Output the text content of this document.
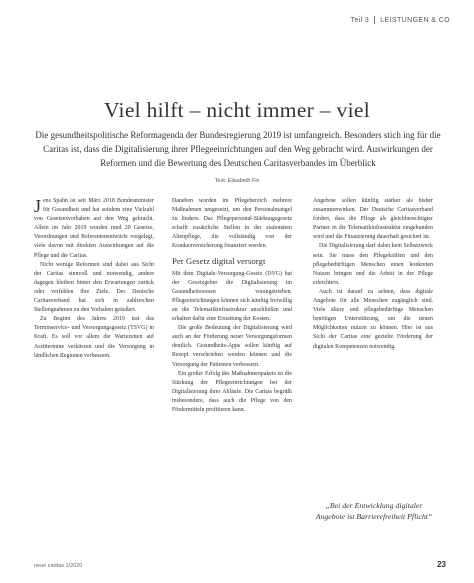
Teil 3 LEISTUNGEN & CO
Viel hilft – nicht immer – viel
Die gesundheitspolitische Reformagenda der Bundesregierung 2019 ist umfangreich. Besonders stich ing für die Caritas ist, dass die Digitalisierung ihrer Pflegeeinrichtungen auf den Weg gebracht wird. Auswirkungen der Reformen und die Bewertung des Deutschen Caritasverbandes im Überblick
Text: Elisabeth Fix

Jens Spahn ist seit März 2018 Bundesminister für Gesundheit und hat seitdem eine Vielzahl von Gesetzesvorhaben auf den Weg gebracht. Allein im Jahr 2019 wurden rund 20 Gesetze, Verordnungen und Referentenentwürfe vorgelegt, viele davon mit direkten Auswirkungen auf die Pflege und die Caritas.

Nicht wenige Reformen sind dabei aus Sicht der Caritas sinnvoll und notwendig, andere dagegen bleiben hinter den Erwartungen zurück oder verfehlen ihre Ziele. Der Deutsche Caritasverband hat sich in zahlreichen Stellungnahmen zu den Vorhaben geäußert.

Zu Beginn des Jahres 2019 trat das Terminservice- und Versorgungsgesetz (TSVG) in Kraft. Es soll vor allem die Wartezeiten auf Arztttermine verkürzen und die Versorgung in ländlichen Regionen verbessern.

Daneben wurden im Pflegebereich mehrere Maßnahmen umgesetzt, um den Personalmangel zu lindern. Das Pflegepersonal-Stärkungsgesetz schafft zusätzliche Stellen in der stationären Altenpflege, die vollständig von der Krankenversicherung finanziert werden.

Per Gesetz digital versorgt

Mit dem Digitale-Versorgung-Gesetz (DVG) hat der Gesetzgeber die Digitalisierung im Gesundheitswesen vorangetrieben. Pflegeeinrichtungen können sich künftig freiwillig an die Telematikinfrastruktur anschließen und erhalten dafür eine Erstattung der Kosten.

Die große Bedeutung der Digitalisierung wird auch an der Förderung neuer Versorgungsformen deutlich. Gesundheits-Apps sollen künftig auf Rezept verschrieben werden können und die Versorgung der Patienten verbessern.

Ein großer Erfolg des Maßnahmenpakets ist die Stärkung der Pflegeeinrichtungen bei der Digitalisierung ihrer Abläufe. Die Caritas begrüßt insbesondere, dass auch die Pflege von den Fördermitteln profitieren kann.

Angebote sollen künftig stärker als bisher zusammenwirken. Der Deutsche Caritasverband fordert, dass die Pflege als gleichberechtigter Partner in die Telematikinfrastruktur eingebunden wird und die Finanzierung dauerhaft gesichert ist.

Die Digitalisierung darf dabei kein Selbstzweck sein. Sie muss den Pflegekräften und den pflegebedürftigen Menschen einen konkreten Nutzen bringen und die Arbeit in der Pflege erleichtern.

Auch ist darauf zu achten, dass digitale Angebote für alle Menschen zugänglich sind. Viele ältere und pflegebedürftige Menschen benötigen Unterstützung, um die neuen Möglichkeiten nutzen zu können. Hier ist aus Sicht der Caritas eine gezielte Förderung der digitalen Kompetenzen notwendig.

„Bei der Entwicklung digitaler Angebote ist Barrierefreiheit Pflicht“
neue caritas 1/2020	23
